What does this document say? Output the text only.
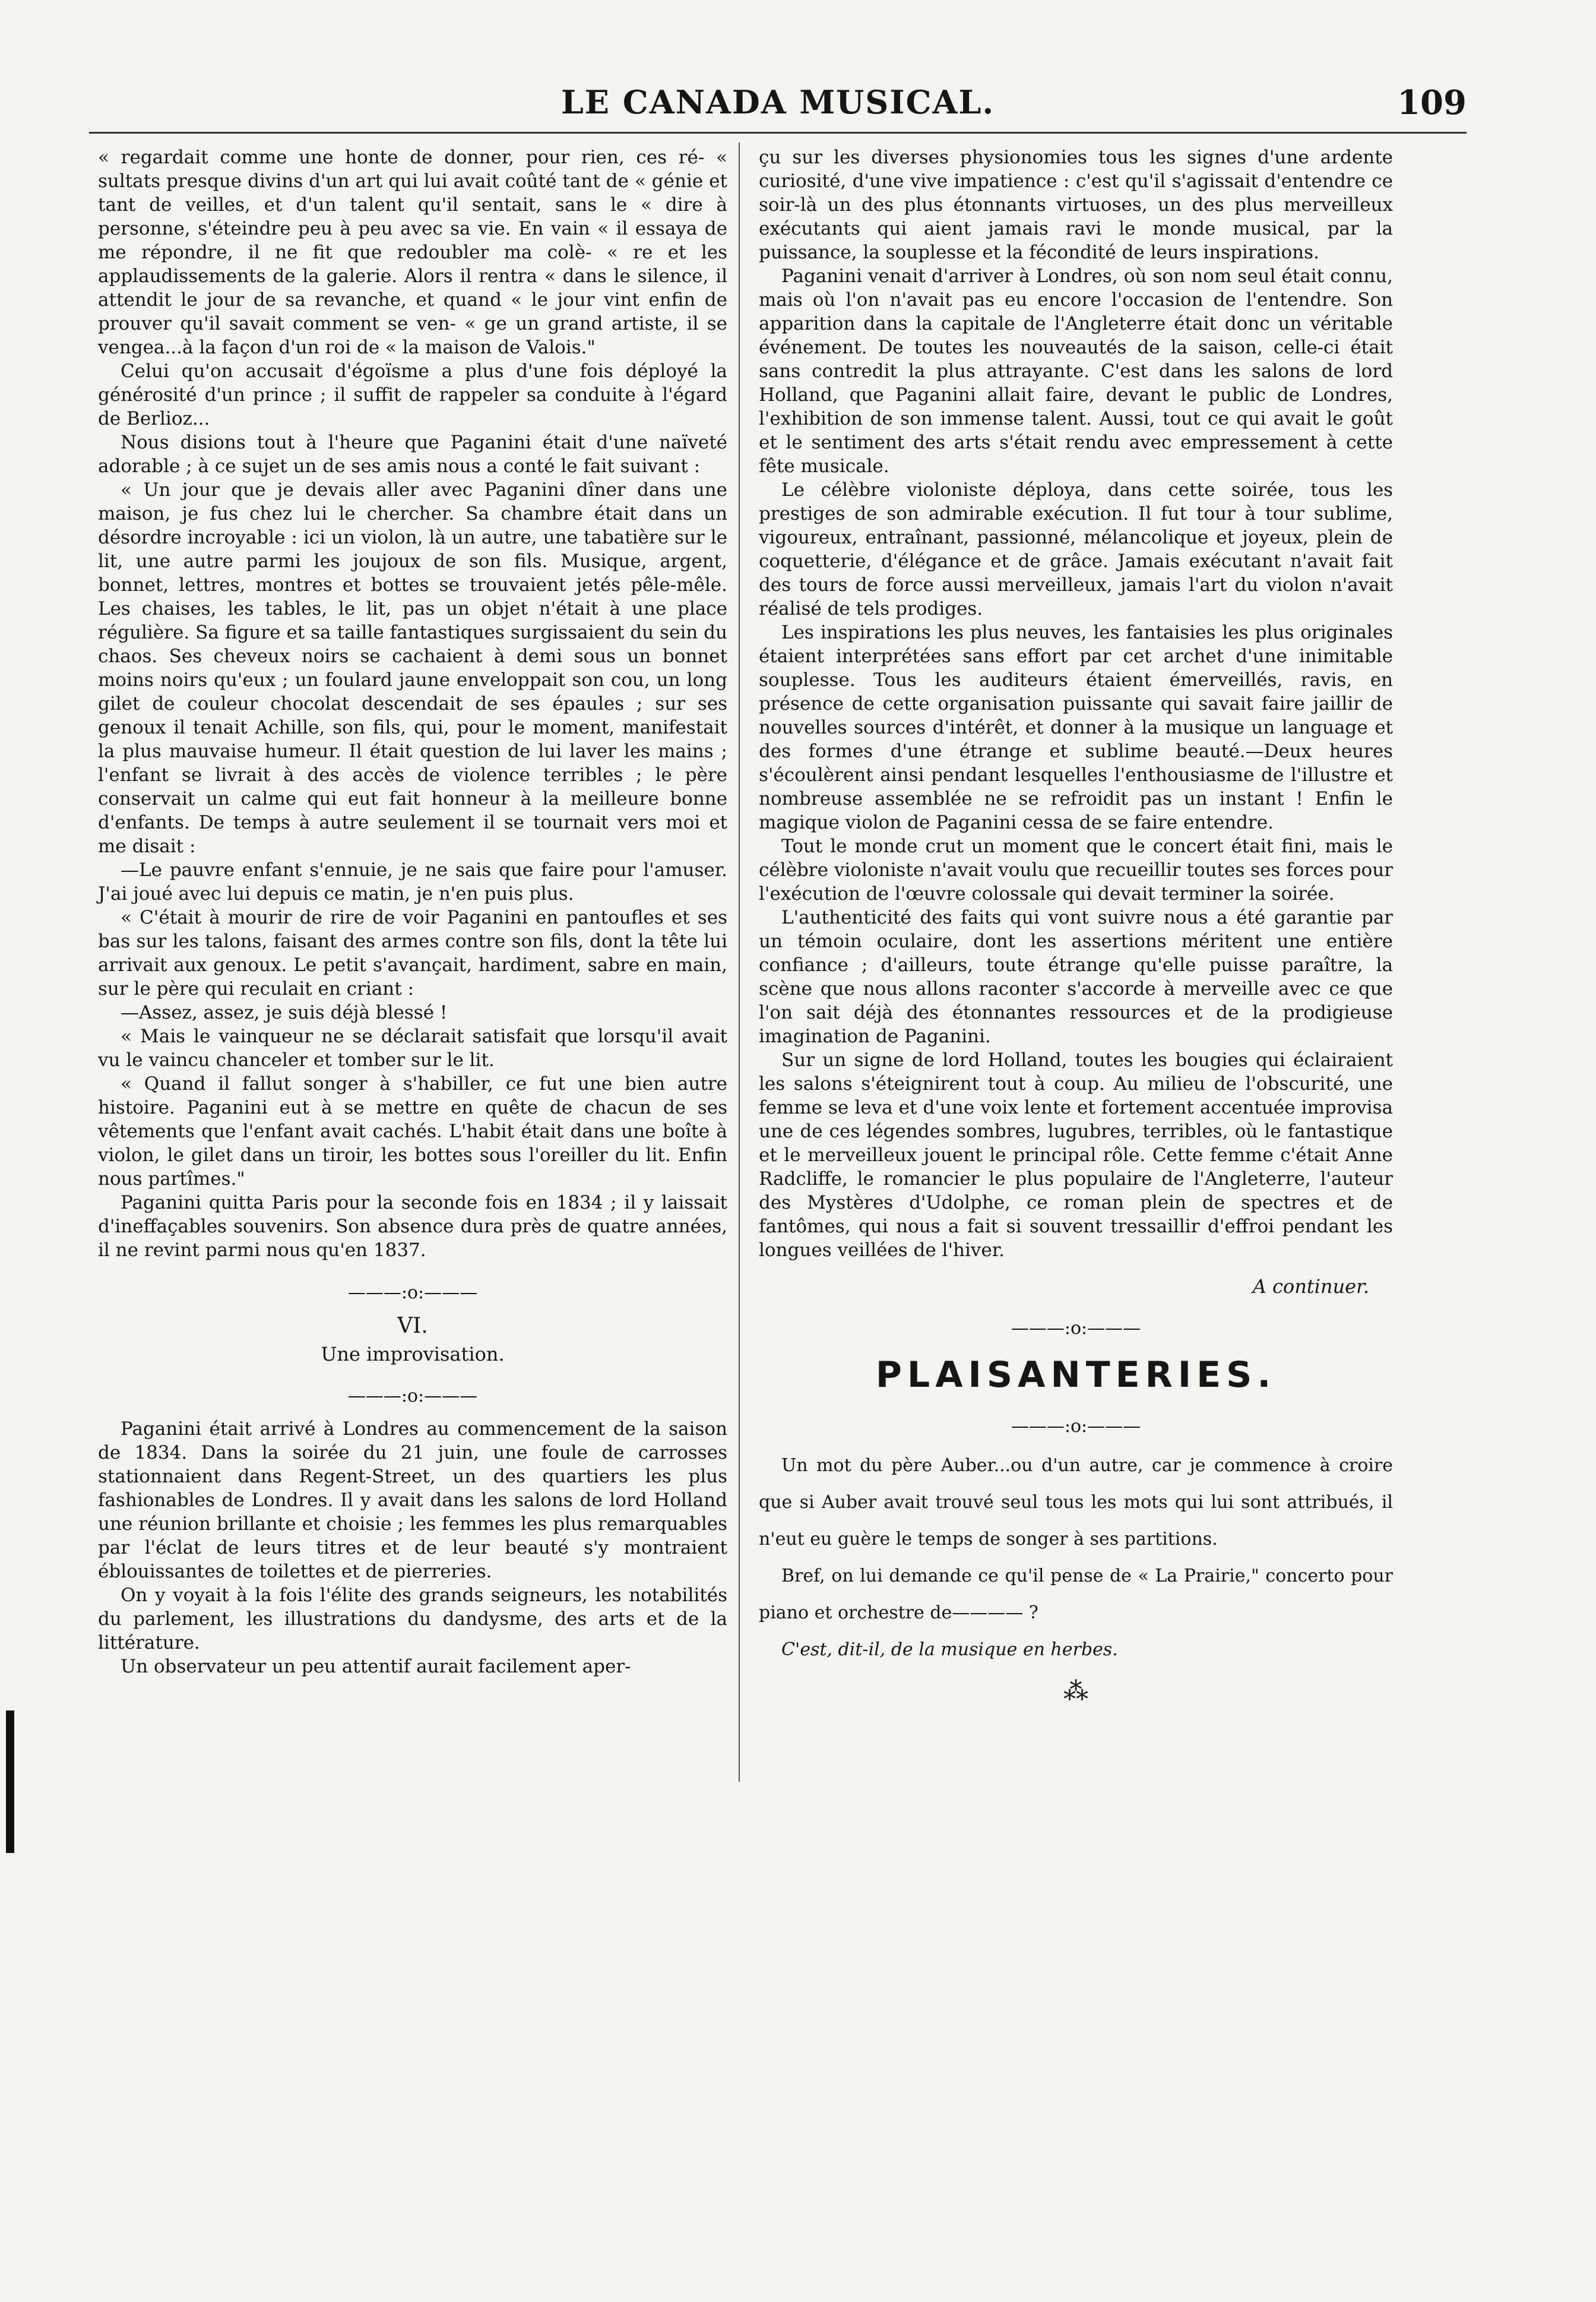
LE CANADA MUSICAL.	109

« regardait comme une honte de donner, pour rien, ces ré- « sultats presque divins d'un art qui lui avait coûté tant de « génie et tant de veilles, et d'un talent qu'il sentait, sans le « dire à personne, s'éteindre peu à peu avec sa vie. En vain « il essaya de me répondre, il ne fit que redoubler ma colè- « re et les applaudissements de la galerie. Alors il rentra « dans le silence, il attendit le jour de sa revanche, et quand « le jour vint enfin de prouver qu'il savait comment se ven- « ge un grand artiste, il se vengea...à la façon d'un roi de « la maison de Valois."

Celui qu'on accusait d'égoïsme a plus d'une fois déployé la générosité d'un prince ; il suffit de rappeler sa conduite à l'égard de Berlioz...

Nous disions tout à l'heure que Paganini était d'une naïveté adorable ; à ce sujet un de ses amis nous a conté le fait suivant :

« Un jour que je devais aller avec Paganini dîner dans une maison, je fus chez lui le chercher. Sa chambre était dans un désordre incroyable : ici un violon, là un autre, une tabatière sur le lit, une autre parmi les joujoux de son fils. Musique, argent, bonnet, lettres, montres et bottes se trouvaient jetés pêle-mêle. Les chaises, les tables, le lit, pas un objet n'était à une place régulière. Sa figure et sa taille fantastiques surgissaient du sein du chaos. Ses cheveux noirs se cachaient à demi sous un bonnet moins noirs qu'eux ; un foulard jaune enveloppait son cou, un long gilet de couleur chocolat descendait de ses épaules ; sur ses genoux il tenait Achille, son fils, qui, pour le moment, manifestait la plus mauvaise humeur. Il était question de lui laver les mains ; l'enfant se livrait à des accès de violence terribles ; le père conservait un calme qui eut fait honneur à la meilleure bonne d'enfants. De temps à autre seulement il se tournait vers moi et me disait :

—Le pauvre enfant s'ennuie, je ne sais que faire pour l'amuser. J'ai joué avec lui depuis ce matin, je n'en puis plus.

« C'était à mourir de rire de voir Paganini en pantoufles et ses bas sur les talons, faisant des armes contre son fils, dont la tête lui arrivait aux genoux. Le petit s'avançait, hardiment, sabre en main, sur le père qui reculait en criant :

—Assez, assez, je suis déjà blessé !

« Mais le vainqueur ne se déclarait satisfait que lorsqu'il avait vu le vaincu chanceler et tomber sur le lit.

« Quand il fallut songer à s'habiller, ce fut une bien autre histoire. Paganini eut à se mettre en quête de chacun de ses vêtements que l'enfant avait cachés. L'habit était dans une boîte à violon, le gilet dans un tiroir, les bottes sous l'oreiller du lit. Enfin nous partîmes."

Paganini quitta Paris pour la seconde fois en 1834 ; il y laissait d'ineffaçables souvenirs. Son absence dura près de quatre années, il ne revint parmi nous qu'en 1837.

———:o:———
VI.
Une improvisation.
———:o:———

Paganini était arrivé à Londres au commencement de la saison de 1834. Dans la soirée du 21 juin, une foule de carrosses stationnaient dans Regent-Street, un des quartiers les plus fashionables de Londres. Il y avait dans les salons de lord Holland une réunion brillante et choisie ; les femmes les plus remarquables par l'éclat de leurs titres et de leur beauté s'y montraient éblouissantes de toilettes et de pierreries.

On y voyait à la fois l'élite des grands seigneurs, les notabilités du parlement, les illustrations du dandysme, des arts et de la littérature.

Un observateur un peu attentif aurait facilement aper-

çu sur les diverses physionomies tous les signes d'une ardente curiosité, d'une vive impatience : c'est qu'il s'agissait d'entendre ce soir-là un des plus étonnants virtuoses, un des plus merveilleux exécutants qui aient jamais ravi le monde musical, par la puissance, la souplesse et la fécondité de leurs inspirations.

Paganini venait d'arriver à Londres, où son nom seul était connu, mais où l'on n'avait pas eu encore l'occasion de l'entendre. Son apparition dans la capitale de l'Angleterre était donc un véritable événement. De toutes les nouveautés de la saison, celle-ci était sans contredit la plus attrayante. C'est dans les salons de lord Holland, que Paganini allait faire, devant le public de Londres, l'exhibition de son immense talent. Aussi, tout ce qui avait le goût et le sentiment des arts s'était rendu avec empressement à cette fête musicale.

Le célèbre violoniste déploya, dans cette soirée, tous les prestiges de son admirable exécution. Il fut tour à tour sublime, vigoureux, entraînant, passionné, mélancolique et joyeux, plein de coquetterie, d'élégance et de grâce. Jamais exécutant n'avait fait des tours de force aussi merveilleux, jamais l'art du violon n'avait réalisé de tels prodiges.

Les inspirations les plus neuves, les fantaisies les plus originales étaient interprétées sans effort par cet archet d'une inimitable souplesse. Tous les auditeurs étaient émerveillés, ravis, en présence de cette organisation puissante qui savait faire jaillir de nouvelles sources d'intérêt, et donner à la musique un language et des formes d'une étrange et sublime beauté.—Deux heures s'écoulèrent ainsi pendant lesquelles l'enthousiasme de l'illustre et nombreuse assemblée ne se refroidit pas un instant ! Enfin le magique violon de Paganini cessa de se faire entendre.

Tout le monde crut un moment que le concert était fini, mais le célèbre violoniste n'avait voulu que recueillir toutes ses forces pour l'exécution de l'œuvre colossale qui devait terminer la soirée.

L'authenticité des faits qui vont suivre nous a été garantie par un témoin oculaire, dont les assertions méritent une entière confiance ; d'ailleurs, toute étrange qu'elle puisse paraître, la scène que nous allons raconter s'accorde à merveille avec ce que l'on sait déjà des étonnantes ressources et de la prodigieuse imagination de Paganini.

Sur un signe de lord Holland, toutes les bougies qui éclairaient les salons s'éteignirent tout à coup. Au milieu de l'obscurité, une femme se leva et d'une voix lente et fortement accentuée improvisa une de ces légendes sombres, lugubres, terribles, où le fantastique et le merveilleux jouent le principal rôle. Cette femme c'était Anne Radcliffe, le romancier le plus populaire de l'Angleterre, l'auteur des Mystères d'Udolphe, ce roman plein de spectres et de fantômes, qui nous a fait si souvent tressaillir d'effroi pendant les longues veillées de l'hiver.

A continuer.
———:o:———
PLAISANTERIES.
———:o:———

Un mot du père Auber...ou d'un autre, car je commence à croire que si Auber avait trouvé seul tous les mots qui lui sont attribués, il n'eut eu guère le temps de songer à ses partitions.

Bref, on lui demande ce qu'il pense de « La Prairie," concerto pour piano et orchestre de———— ?

C'est, dit-il, de la musique en herbes.

⁂
